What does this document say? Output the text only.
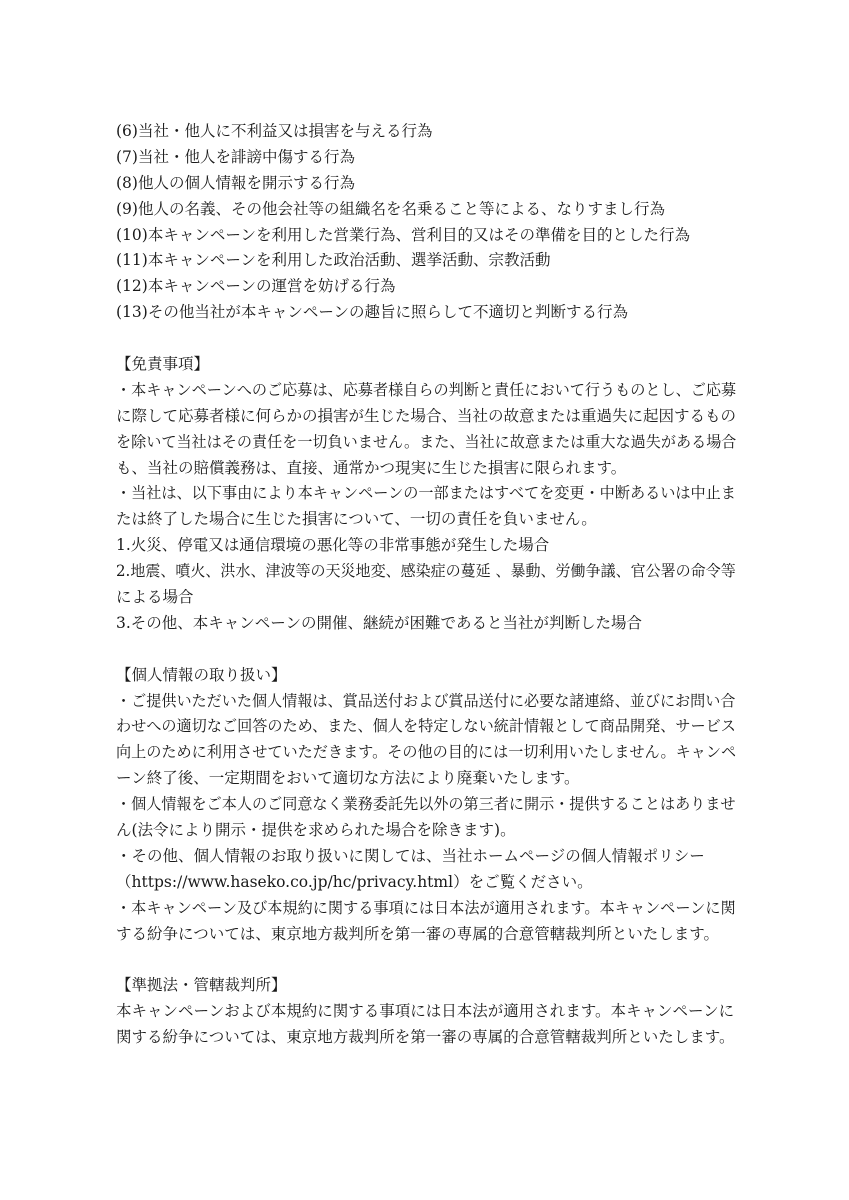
(6)当社・他人に不利益又は損害を与える行為
(7)当社・他人を誹謗中傷する行為
(8)他人の個人情報を開示する行為
(9)他人の名義、その他会社等の組織名を名乗ること等による、なりすまし行為
(10)本キャンペーンを利用した営業行為、営利目的又はその準備を目的とした行為
(11)本キャンペーンを利用した政治活動、選挙活動、宗教活動
(12)本キャンペーンの運営を妨げる行為
(13)その他当社が本キャンペーンの趣旨に照らして不適切と判断する行為
【免責事項】
・本キャンペーンへのご応募は、応募者様自らの判断と責任において行うものとし、ご応募
に際して応募者様に何らかの損害が生じた場合、当社の故意または重過失に起因するもの
を除いて当社はその責任を一切負いません。また、当社に故意または重大な過失がある場合
も、当社の賠償義務は、直接、通常かつ現実に生じた損害に限られます。
・当社は、以下事由により本キャンペーンの一部またはすべてを変更・中断あるいは中止ま
たは終了した場合に生じた損害について、一切の責任を負いません。
1.火災、停電又は通信環境の悪化等の非常事態が発生した場合
2.地震、噴火、洪水、津波等の天災地変、感染症の蔓延 、暴動、労働争議、官公署の命令等
による場合
3.その他、本キャンペーンの開催、継続が困難であると当社が判断した場合
【個人情報の取り扱い】
・ご提供いただいた個人情報は、賞品送付および賞品送付に必要な諸連絡、並びにお問い合
わせへの適切なご回答のため、また、個人を特定しない統計情報として商品開発、サービス
向上のために利用させていただきます。その他の目的には一切利用いたしません。キャンペ
ーン終了後、一定期間をおいて適切な方法により廃棄いたします。
・個人情報をご本人のご同意なく業務委託先以外の第三者に開示・提供することはありませ
ん(法令により開示・提供を求められた場合を除きます)。
・その他、個人情報のお取り扱いに関しては、当社ホームページの個人情報ポリシー
（https://www.haseko.co.jp/hc/privacy.html）をご覧ください。
・本キャンペーン及び本規約に関する事項には日本法が適用されます。本キャンペーンに関
する紛争については、東京地方裁判所を第一審の専属的合意管轄裁判所といたします。
【準拠法・管轄裁判所】
本キャンペーンおよび本規約に関する事項には日本法が適用されます。本キャンペーンに
関する紛争については、東京地方裁判所を第一審の専属的合意管轄裁判所といたします。
